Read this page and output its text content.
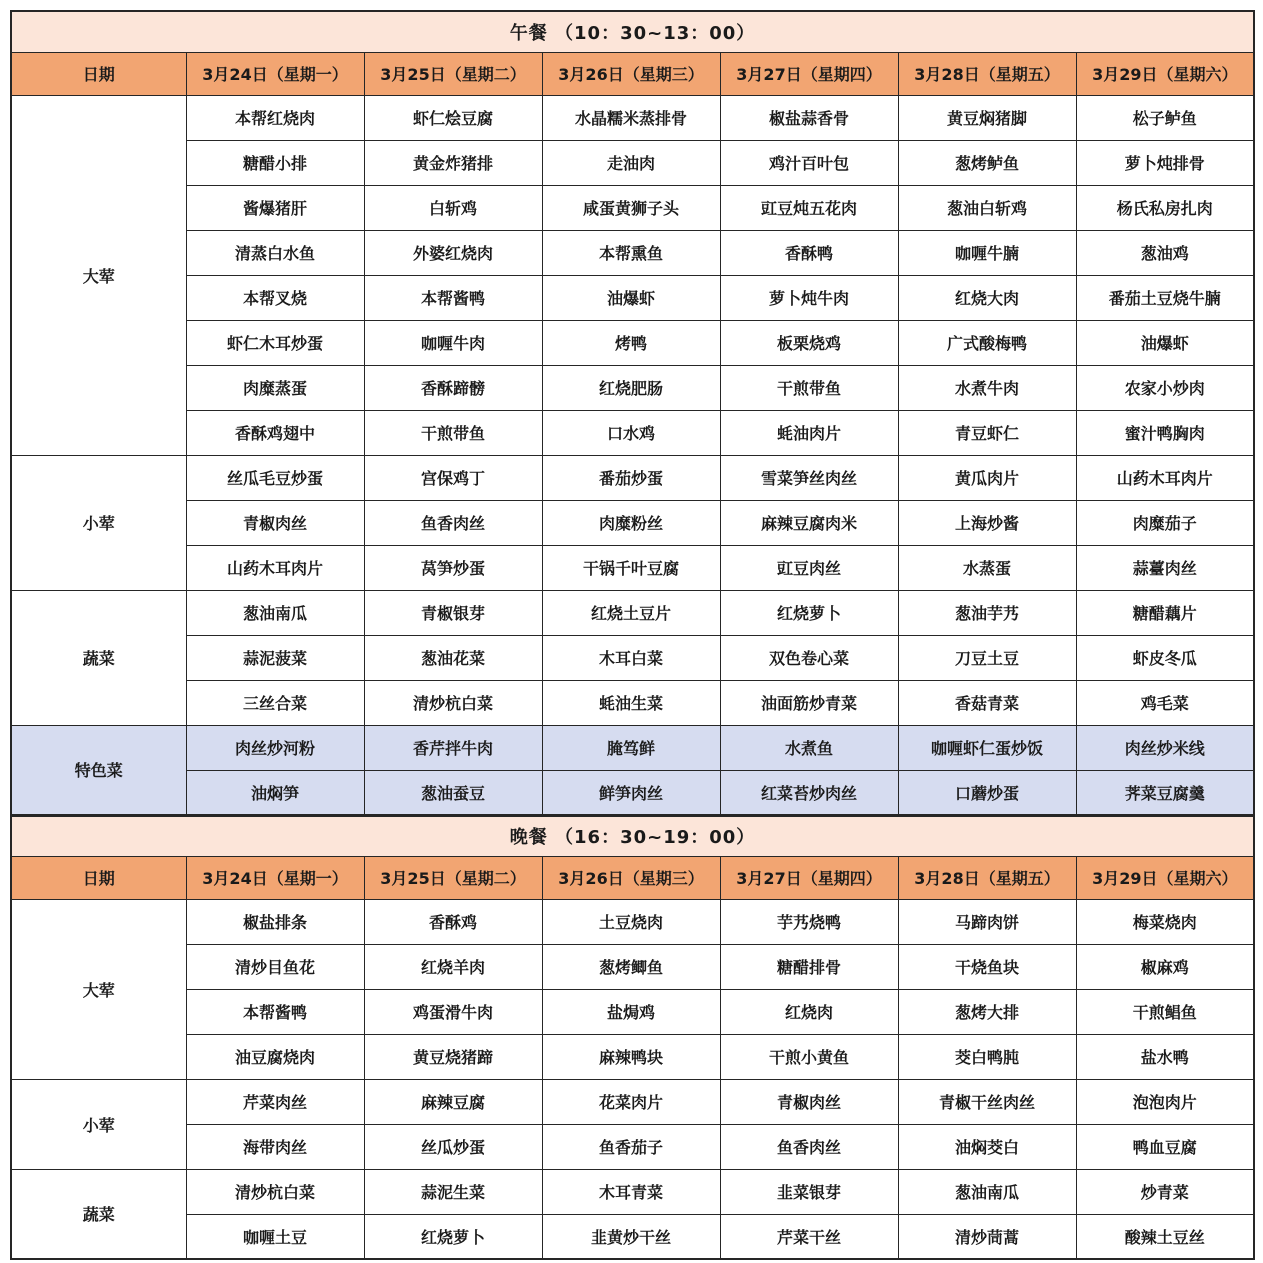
午餐 （10：30~13：00）						
日期	3月24日（星期一）	3月25日（星期二）	3月26日（星期三）	3月27日（星期四）	3月28日（星期五）	3月29日（星期六）
大荤	本帮红烧肉	虾仁烩豆腐	水晶糯米蒸排骨	椒盐蒜香骨	黄豆焖猪脚	松子鲈鱼
	糖醋小排	黄金炸猪排	走油肉	鸡汁百叶包	葱烤鲈鱼	萝卜炖排骨
	酱爆猪肝	白斩鸡	咸蛋黄狮子头	豇豆炖五花肉	葱油白斩鸡	杨氏私房扎肉
	清蒸白水鱼	外婆红烧肉	本帮熏鱼	香酥鸭	咖喱牛腩	葱油鸡
	本帮叉烧	本帮酱鸭	油爆虾	萝卜炖牛肉	红烧大肉	番茄土豆烧牛腩
	虾仁木耳炒蛋	咖喱牛肉	烤鸭	板栗烧鸡	广式酸梅鸭	油爆虾
	肉糜蒸蛋	香酥蹄髈	红烧肥肠	干煎带鱼	水煮牛肉	农家小炒肉
	香酥鸡翅中	干煎带鱼	口水鸡	蚝油肉片	青豆虾仁	蜜汁鸭胸肉
小荤	丝瓜毛豆炒蛋	宫保鸡丁	番茄炒蛋	雪菜笋丝肉丝	黄瓜肉片	山药木耳肉片
	青椒肉丝	鱼香肉丝	肉糜粉丝	麻辣豆腐肉米	上海炒酱	肉糜茄子
	山药木耳肉片	莴笋炒蛋	干锅千叶豆腐	豇豆肉丝	水蒸蛋	蒜薹肉丝
蔬菜	葱油南瓜	青椒银芽	红烧土豆片	红烧萝卜	葱油芋艿	糖醋藕片
	蒜泥菠菜	葱油花菜	木耳白菜	双色卷心菜	刀豆土豆	虾皮冬瓜
	三丝合菜	清炒杭白菜	蚝油生菜	油面筋炒青菜	香菇青菜	鸡毛菜
特色菜	肉丝炒河粉	香芹拌牛肉	腌笃鲜	水煮鱼	咖喱虾仁蛋炒饭	肉丝炒米线
	油焖笋	葱油蚕豆	鲜笋肉丝	红菜苔炒肉丝	口蘑炒蛋	荠菜豆腐羹
晚餐 （16：30~19：00）						
日期	3月24日（星期一）	3月25日（星期二）	3月26日（星期三）	3月27日（星期四）	3月28日（星期五）	3月29日（星期六）
大荤	椒盐排条	香酥鸡	土豆烧肉	芋艿烧鸭	马蹄肉饼	梅菜烧肉
	清炒目鱼花	红烧羊肉	葱烤鲫鱼	糖醋排骨	干烧鱼块	椒麻鸡
	本帮酱鸭	鸡蛋滑牛肉	盐焗鸡	红烧肉	葱烤大排	干煎鲳鱼
	油豆腐烧肉	黄豆烧猪蹄	麻辣鸭块	干煎小黄鱼	茭白鸭肫	盐水鸭
小荤	芹菜肉丝	麻辣豆腐	花菜肉片	青椒肉丝	青椒干丝肉丝	泡泡肉片
	海带肉丝	丝瓜炒蛋	鱼香茄子	鱼香肉丝	油焖茭白	鸭血豆腐
蔬菜	清炒杭白菜	蒜泥生菜	木耳青菜	韭菜银芽	葱油南瓜	炒青菜
	咖喱土豆	红烧萝卜	韭黄炒干丝	芹菜干丝	清炒茼蒿	酸辣土豆丝
